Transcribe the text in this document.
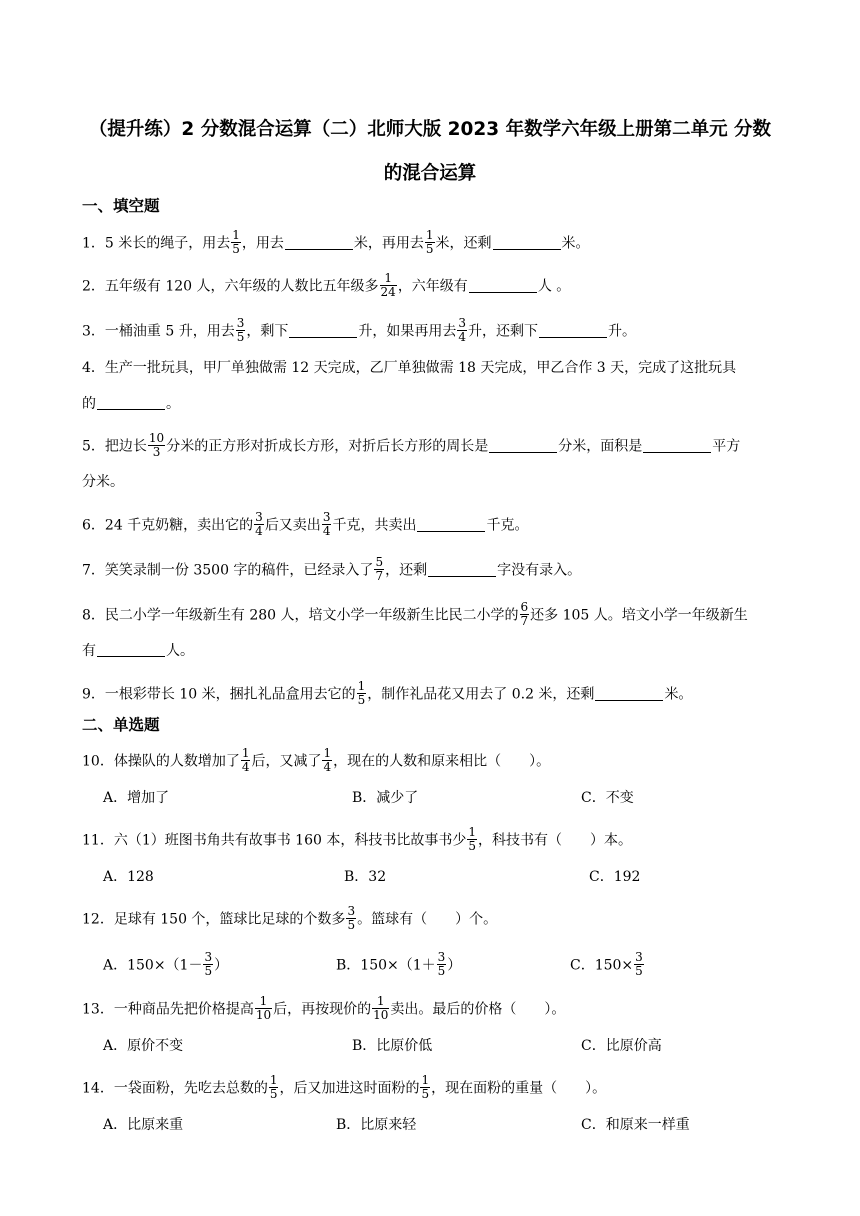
（提升练）2 分数混合运算（二）北师大版 2023 年数学六年级上册第二单元 分数
的混合运算
一、填空题
1．5 米长的绳子，用去 $\frac{1}{5}$ ，用去	米，再用去 $\frac{1}{5}$ 米，还剩	米。
2．五年级有 120 人，六年级的人数比五年级多 $\frac{1}{24}$ ，六年级有	人 。
3．一桶油重 5 升，用去 $\frac{3}{5}$ ，剩下	升，如果再用去 $\frac{3}{4}$ 升，还剩下	升。
4．生产一批玩具，甲厂单独做需 12 天完成，乙厂单独做需 18 天完成，甲乙合作 3 天，完成了这批玩具
的	。
5．把边长 $\frac{10}{3}$ 分米的正方形对折成长方形，对折后长方形的周长是	分米，面积是	平方
分米。
6．24 千克奶糖，卖出它的 $\frac{3}{4}$ 后又卖出 $\frac{3}{4}$ 千克，共卖出	千克。
7．笑笑录制一份 3500 字的稿件，已经录入了 $\frac{5}{7}$ ，还剩	字没有录入。
8．民二小学一年级新生有 280 人，培文小学一年级新生比民二小学的 $\frac{6}{7}$ 还多 105 人。培文小学一年级新生
有	人。
9．一根彩带长 10 米，捆扎礼品盒用去它的 $\frac{1}{5}$ ，制作礼品花又用去了 0.2 米，还剩	米。
二、单选题
10．体操队的人数增加了 $\frac{1}{4}$ 后，又减了 $\frac{1}{4}$ ，现在的人数和原来相比（　　）。
A．增加了	B．减少了	C．不变
11．六（1）班图书角共有故事书 160 本，科技书比故事书少 $\frac{1}{5}$ ，科技书有（　　）本。
A．128	B．32	C．192
12．足球有 150 个，篮球比足球的个数多 $\frac{3}{5}$ 。篮球有（　　）个。
A．$150\times(1- \frac{3}{5}$ ）	B．$150\times(1+ \frac{3}{5}$ ）	C．$150\times \frac{3}{5}$
13．一种商品先把价格提高 $\frac{1}{10}$ 后，再按现价的 $\frac{1}{10}$ 卖出。最后的价格（　　）。
A．原价不变	B．比原价低	C．比原价高
14．一袋面粉，先吃去总数的 $\frac{1}{5}$ ，后又加进这时面粉的 $\frac{1}{5}$ ，现在面粉的重量（　　）。
A．比原来重	B．比原来轻	C．和原来一样重
